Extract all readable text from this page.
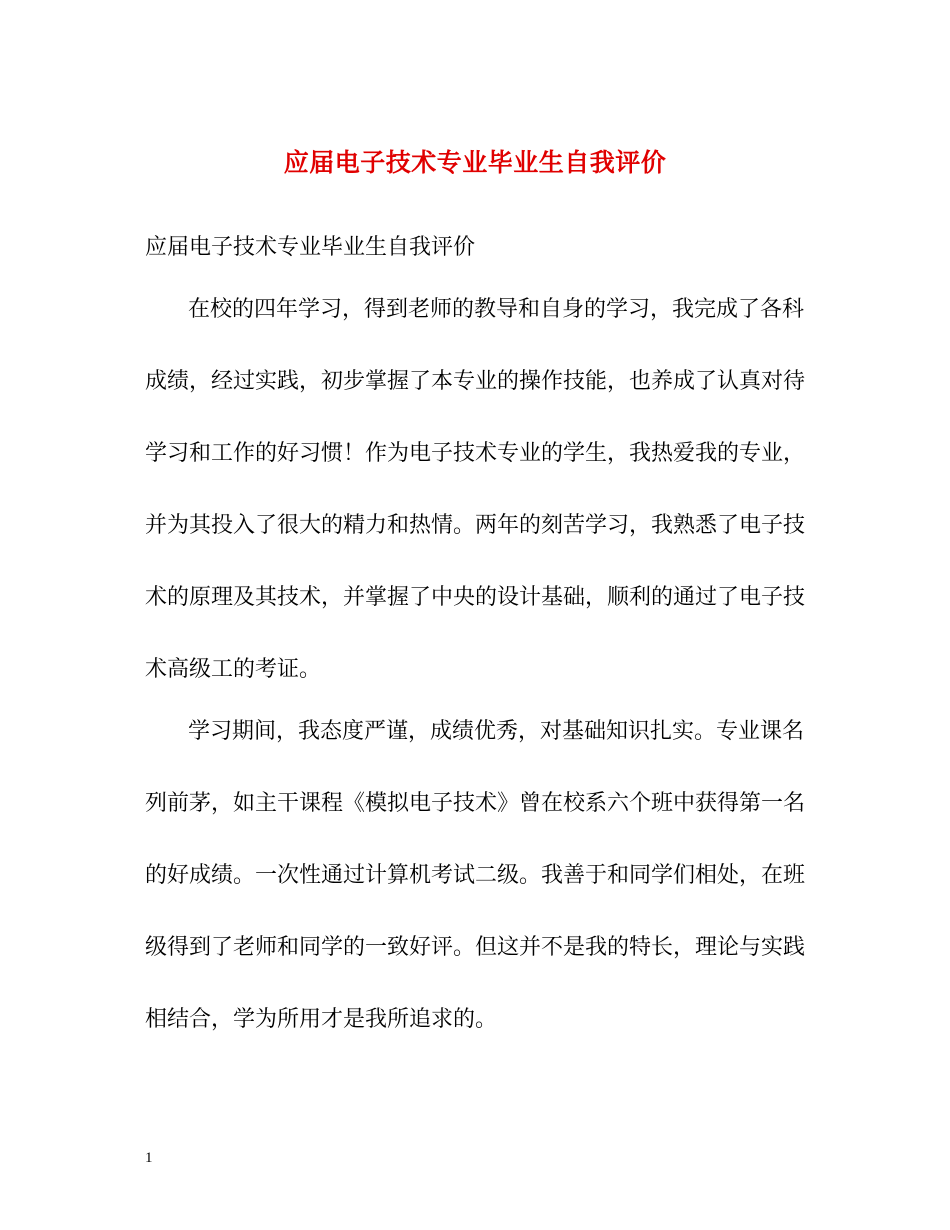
应届电子技术专业毕业生自我评价
应届电子技术专业毕业生自我评价
在校的四年学习，得到老师的教导和自身的学习，我完成了各科
成绩，经过实践，初步掌握了本专业的操作技能，也养成了认真对待
学习和工作的好习惯！作为电子技术专业的学生，我热爱我的专业，
并为其投入了很大的精力和热情。两年的刻苦学习，我熟悉了电子技
术的原理及其技术，并掌握了中央的设计基础，顺利的通过了电子技
术高级工的考证。
学习期间，我态度严谨，成绩优秀，对基础知识扎实。专业课名
列前茅，如主干课程《模拟电子技术》曾在校系六个班中获得第一名
的好成绩。一次性通过计算机考试二级。我善于和同学们相处，在班
级得到了老师和同学的一致好评。但这并不是我的特长，理论与实践
相结合，学为所用才是我所追求的。
1
